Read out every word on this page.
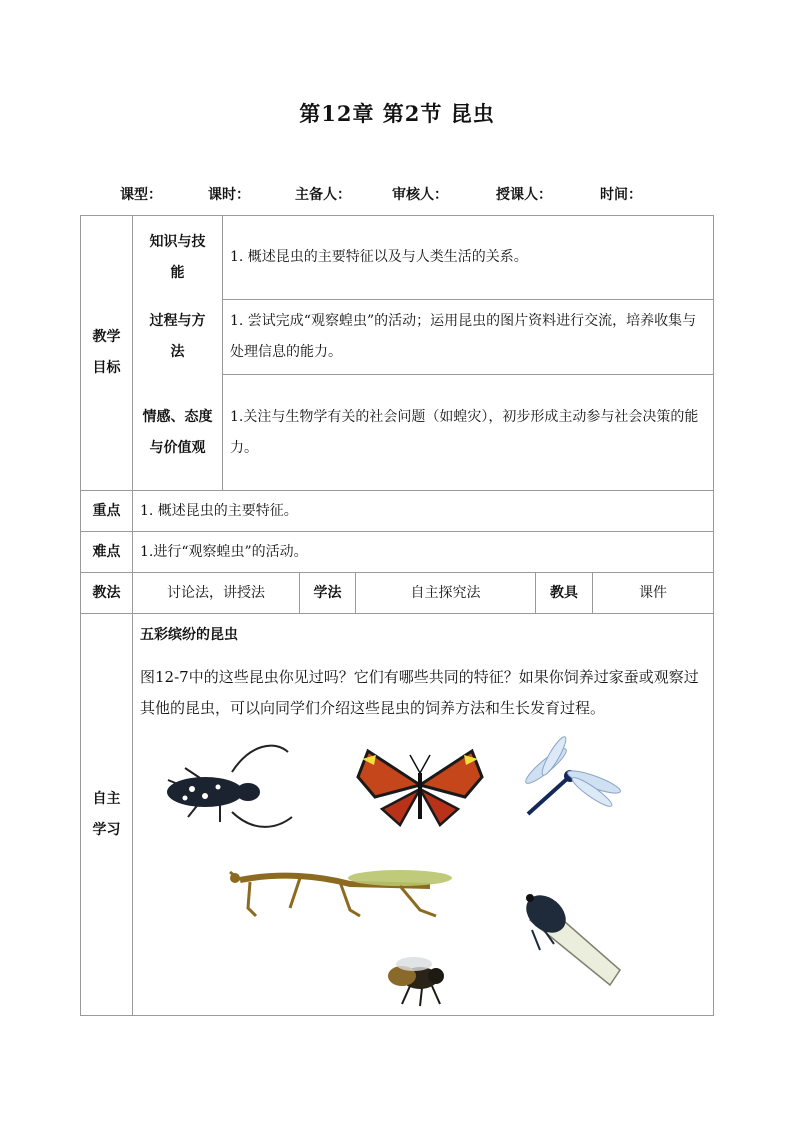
第12章 第2节 昆虫
课型：	课时：	主备人：	审核人：	授课人：	时间：
教学目标
知识与技能
1. 概述昆虫的主要特征以及与人类生活的关系。
过程与方法
1. 尝试完成“观察蝗虫”的活动；运用昆虫的图片资料进行交流，培养收集与处理信息的能力。
情感、态度与价值观
1.关注与生物学有关的社会问题（如蝗灾），初步形成主动参与社会决策的能力。
重点	1. 概述昆虫的主要特征。
难点	1.进行“观察蝗虫”的活动。
教法	讨论法，讲授法	学法	自主探究法	教具	课件
自主学习
五彩缤纷的昆虫
图12-7中的这些昆虫你见过吗？它们有哪些共同的特征？如果你饲养过家蚕或观察过其他的昆虫，可以向同学们介绍这些昆虫的饲养方法和生长发育过程。
